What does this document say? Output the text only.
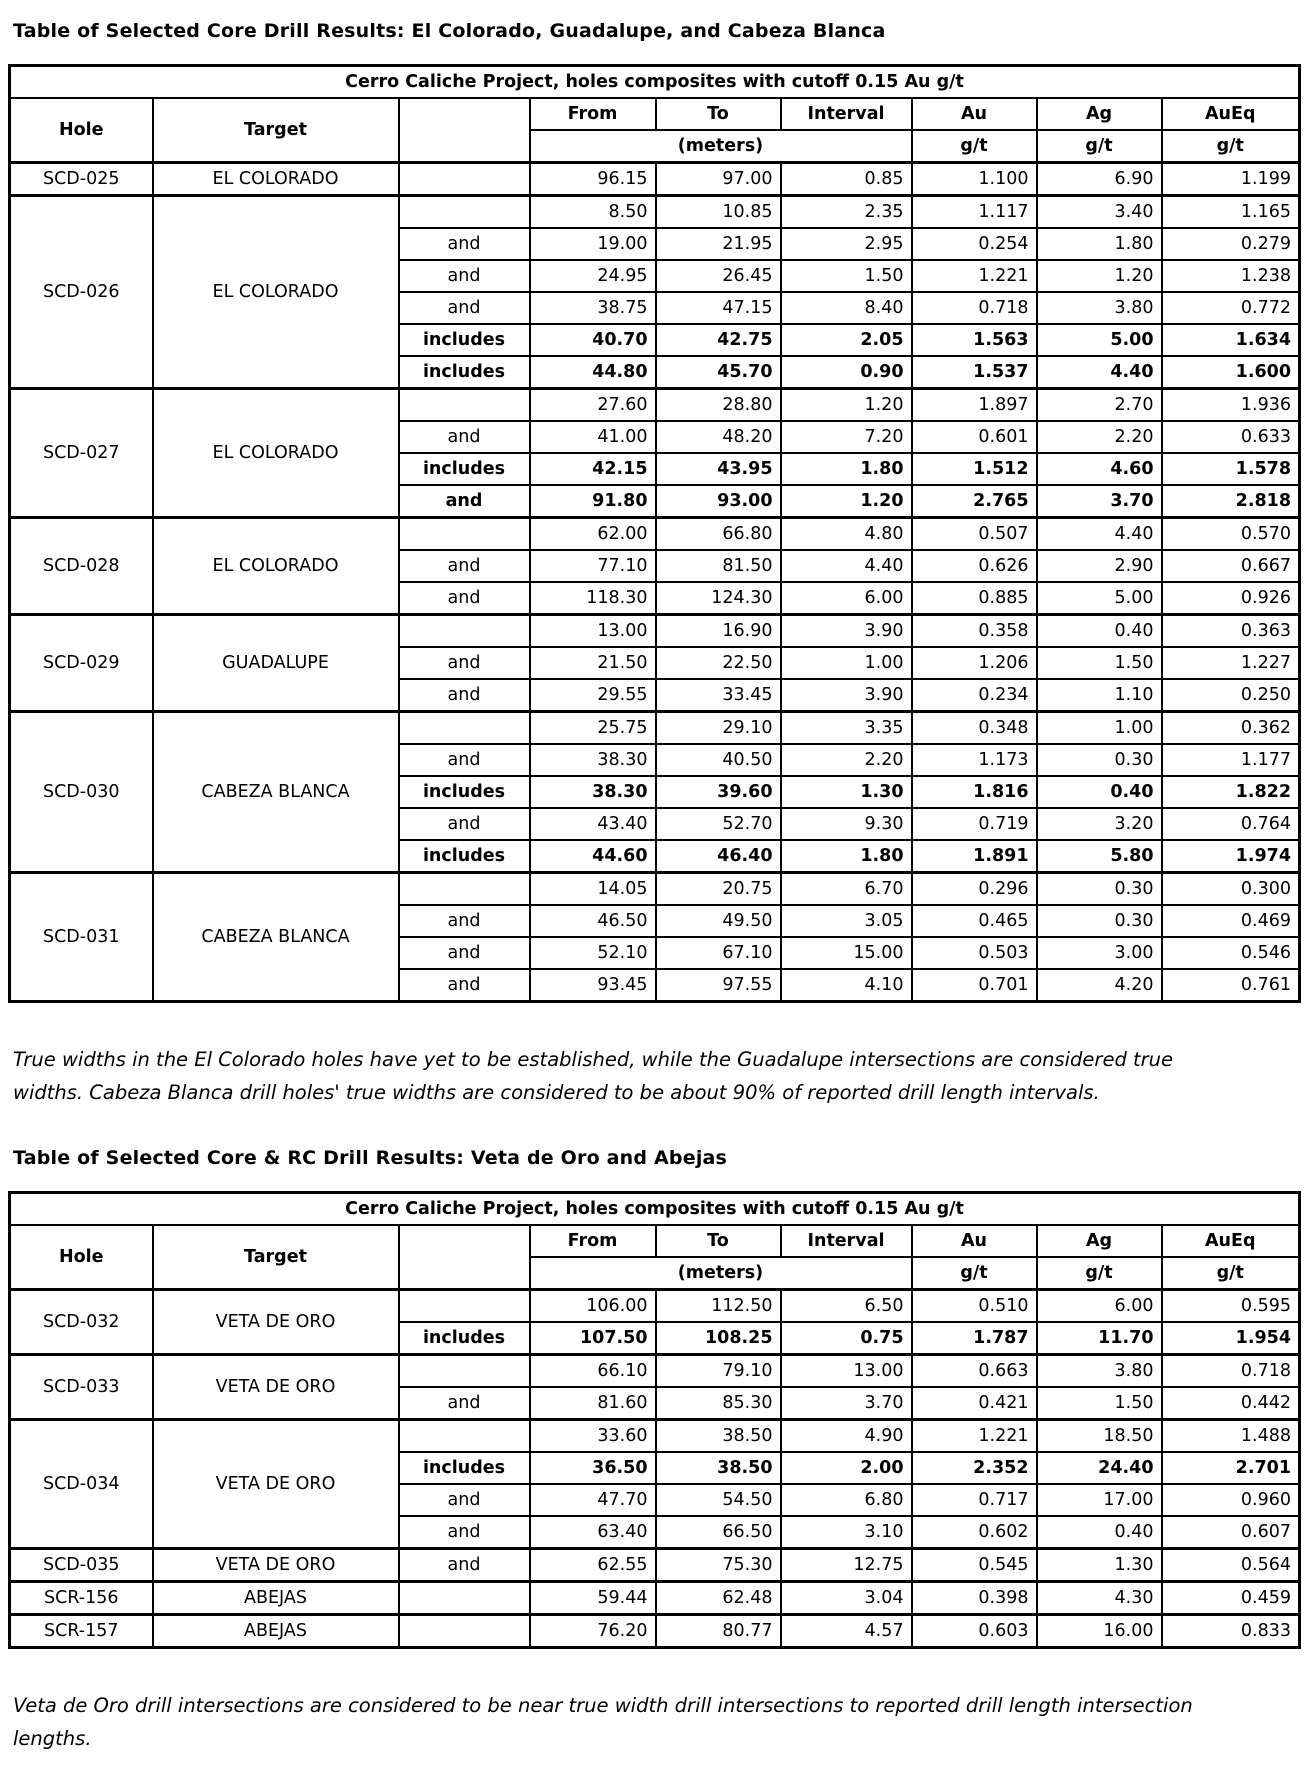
Table of Selected Core Drill Results: El Colorado, Guadalupe, and Cabeza Blanca
Cerro Caliche Project, holes composites with cutoff 0.15 Au g/t								
Hole	Target		From	To	Interval	Au	Ag	AuEq
			(meters)			g/t	g/t	g/t
SCD-025	EL COLORADO		96.15	97.00	0.85	1.100	6.90	1.199
SCD-026	EL COLORADO		8.50	10.85	2.35	1.117	3.40	1.165
		and	19.00	21.95	2.95	0.254	1.80	0.279
		and	24.95	26.45	1.50	1.221	1.20	1.238
		and	38.75	47.15	8.40	0.718	3.80	0.772
		includes	40.70	42.75	2.05	1.563	5.00	1.634
		includes	44.80	45.70	0.90	1.537	4.40	1.600
SCD-027	EL COLORADO		27.60	28.80	1.20	1.897	2.70	1.936
		and	41.00	48.20	7.20	0.601	2.20	0.633
		includes	42.15	43.95	1.80	1.512	4.60	1.578
		and	91.80	93.00	1.20	2.765	3.70	2.818
SCD-028	EL COLORADO		62.00	66.80	4.80	0.507	4.40	0.570
		and	77.10	81.50	4.40	0.626	2.90	0.667
		and	118.30	124.30	6.00	0.885	5.00	0.926
SCD-029	GUADALUPE		13.00	16.90	3.90	0.358	0.40	0.363
		and	21.50	22.50	1.00	1.206	1.50	1.227
		and	29.55	33.45	3.90	0.234	1.10	0.250
SCD-030	CABEZA BLANCA		25.75	29.10	3.35	0.348	1.00	0.362
		and	38.30	40.50	2.20	1.173	0.30	1.177
		includes	38.30	39.60	1.30	1.816	0.40	1.822
		and	43.40	52.70	9.30	0.719	3.20	0.764
		includes	44.60	46.40	1.80	1.891	5.80	1.974
SCD-031	CABEZA BLANCA		14.05	20.75	6.70	0.296	0.30	0.300
		and	46.50	49.50	3.05	0.465	0.30	0.469
		and	52.10	67.10	15.00	0.503	3.00	0.546
		and	93.45	97.55	4.10	0.701	4.20	0.761

True widths in the El Colorado holes have yet to be established, while the Guadalupe intersections are considered true widths. Cabeza Blanca drill holes' true widths are considered to be about 90% of reported drill length intervals.

Table of Selected Core & RC Drill Results: Veta de Oro and Abejas
Cerro Caliche Project, holes composites with cutoff 0.15 Au g/t								
Hole	Target		From	To	Interval	Au	Ag	AuEq
			(meters)			g/t	g/t	g/t
SCD-032	VETA DE ORO		106.00	112.50	6.50	0.510	6.00	0.595
		includes	107.50	108.25	0.75	1.787	11.70	1.954
SCD-033	VETA DE ORO		66.10	79.10	13.00	0.663	3.80	0.718
		and	81.60	85.30	3.70	0.421	1.50	0.442
SCD-034	VETA DE ORO		33.60	38.50	4.90	1.221	18.50	1.488
		includes	36.50	38.50	2.00	2.352	24.40	2.701
		and	47.70	54.50	6.80	0.717	17.00	0.960
		and	63.40	66.50	3.10	0.602	0.40	0.607
SCD-035	VETA DE ORO	and	62.55	75.30	12.75	0.545	1.30	0.564
SCR-156	ABEJAS		59.44	62.48	3.04	0.398	4.30	0.459
SCR-157	ABEJAS		76.20	80.77	4.57	0.603	16.00	0.833

Veta de Oro drill intersections are considered to be near true width drill intersections to reported drill length intersection lengths.
